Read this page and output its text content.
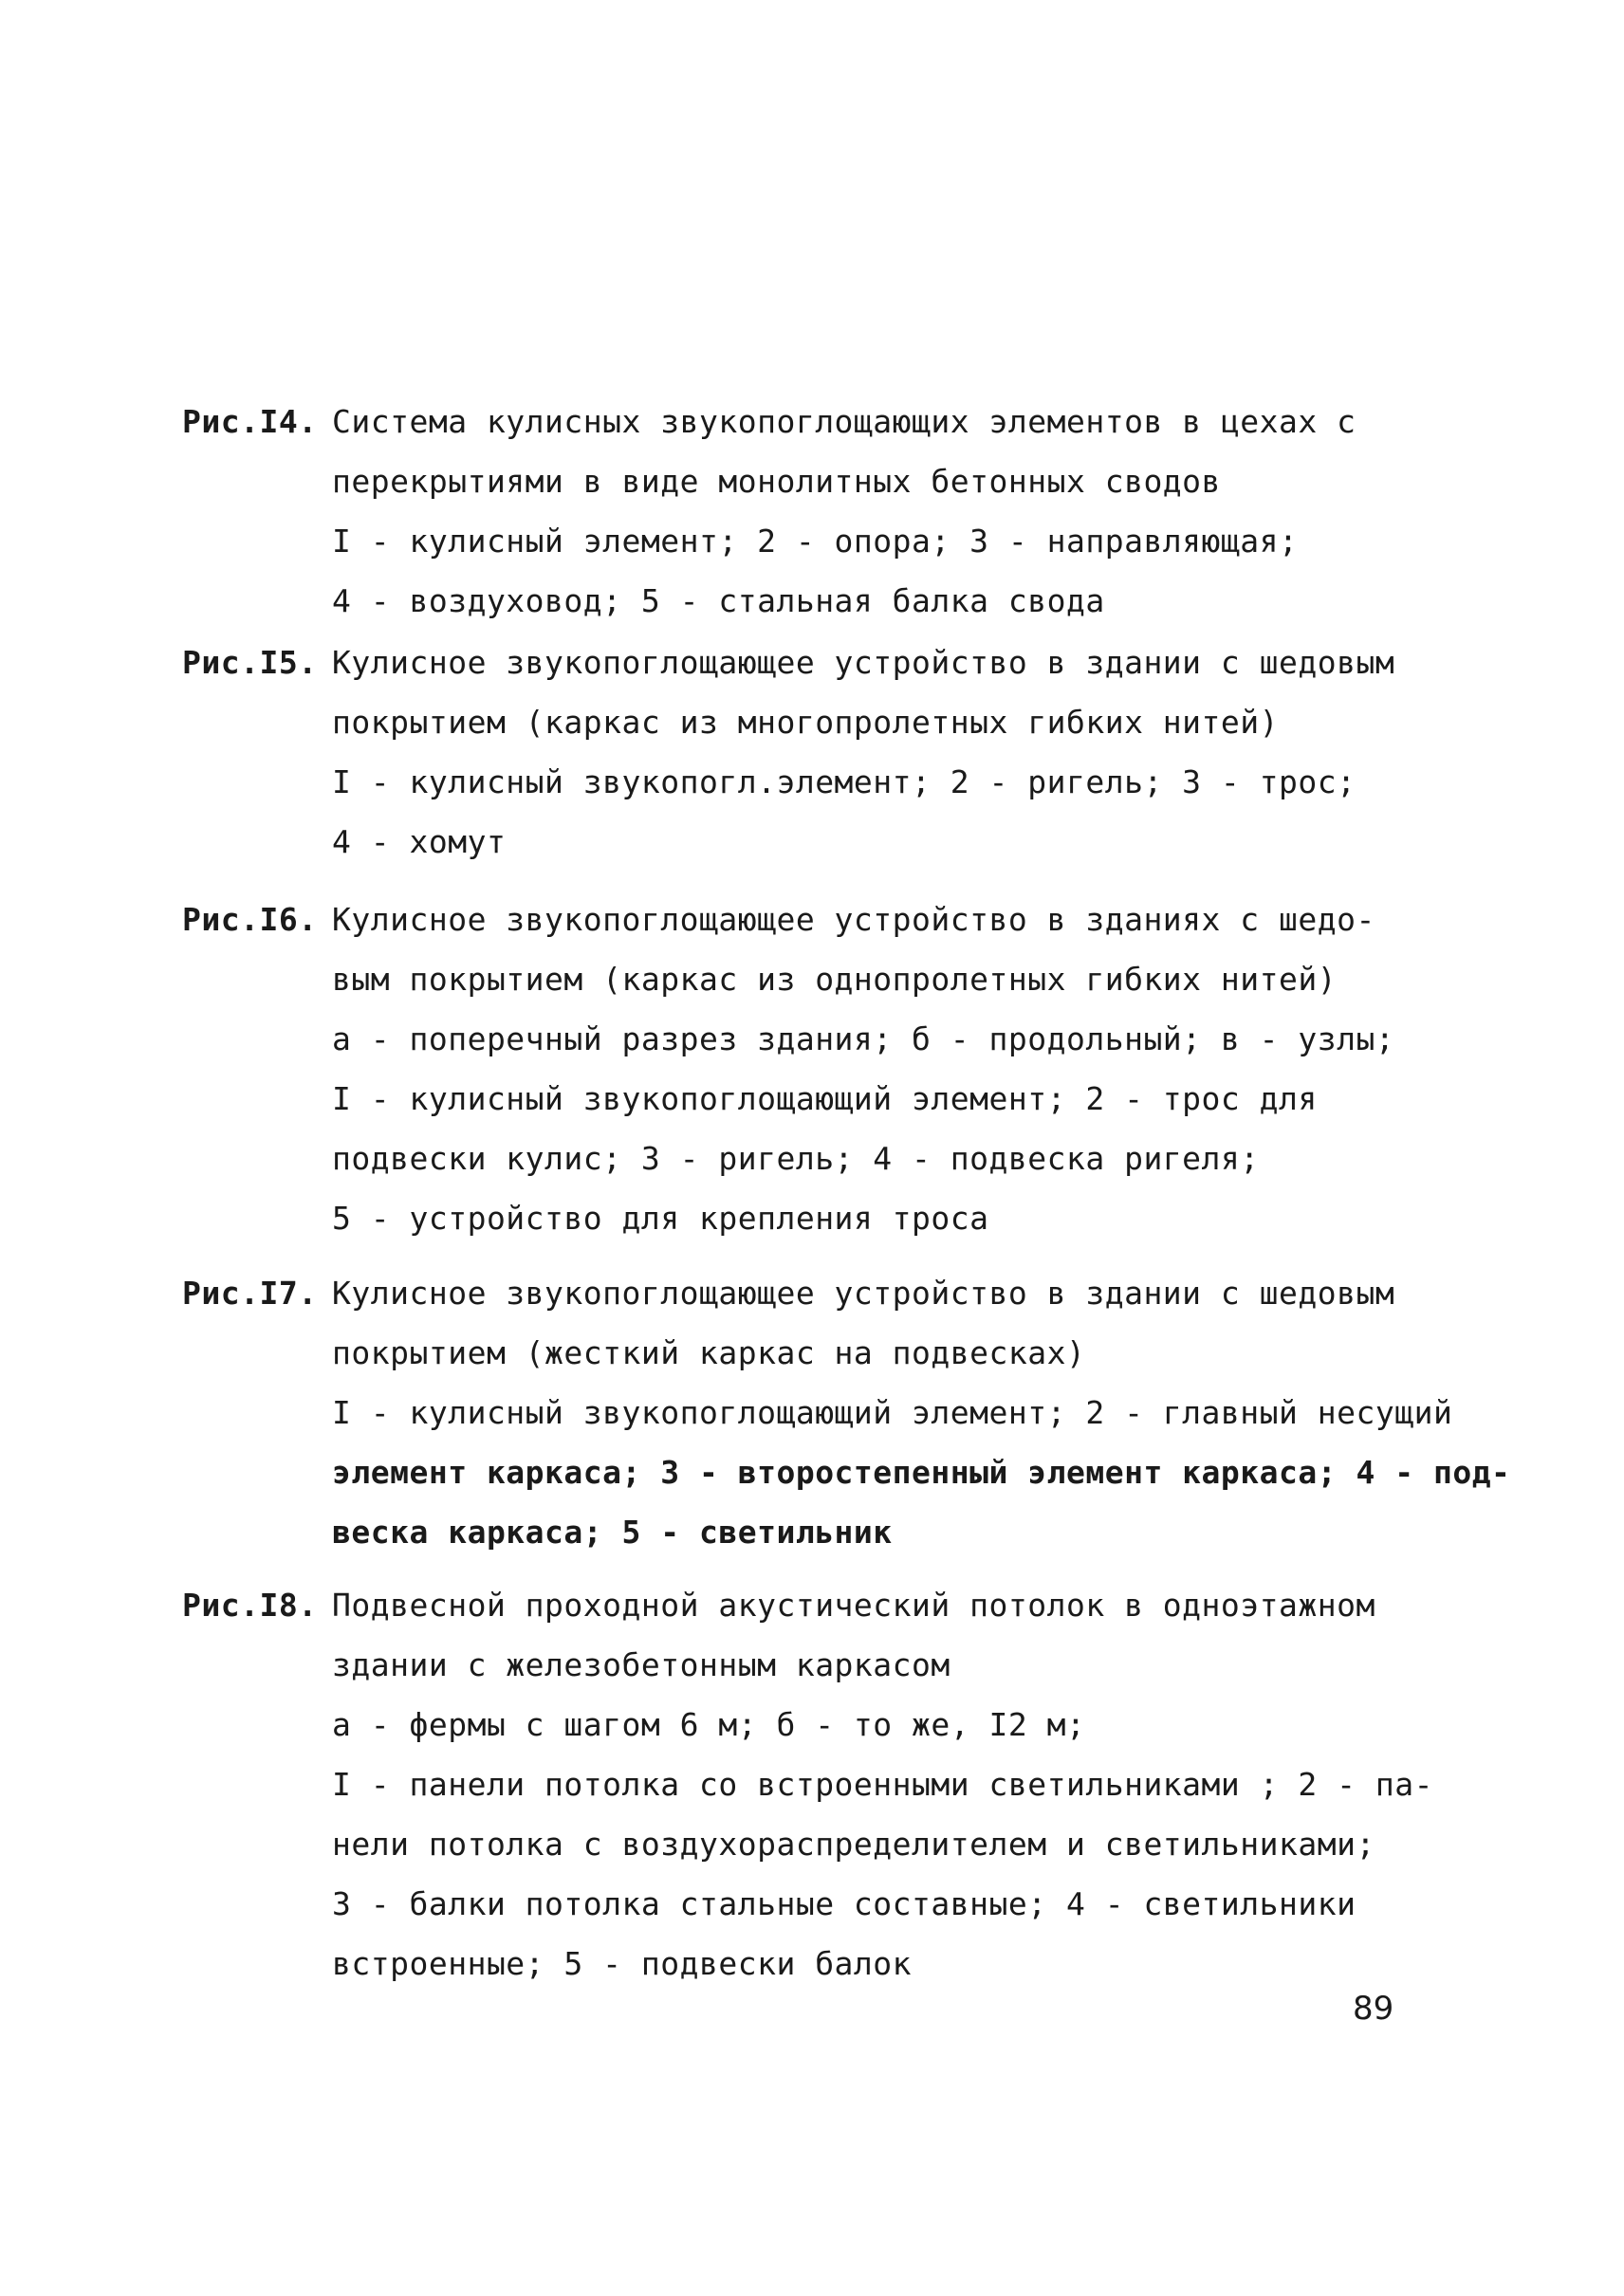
Рис.I4. Система кулисных звукопоглощающих элементов в цехах с
перекрытиями в виде монолитных бетонных сводов
I - кулисный элемент; 2 - опора; 3 - направляющая;
4 - воздуховод; 5 - стальная балка свода
Рис.I5. Кулисное звукопоглощающее устройство в здании с шедовым
покрытием (каркас из многопролетных гибких нитей)
I - кулисный звукопогл.элемент; 2 - ригель; 3 - трос;
4 - хомут
Рис.I6. Кулисное звукопоглощающее устройство в зданиях с шедо-
вым покрытием (каркас из однопролетных гибких нитей)
а - поперечный разрез здания; б - продольный; в - узлы;
I - кулисный звукопоглощающий элемент; 2 - трос для
подвески кулис; 3 - ригель; 4 - подвеска ригеля;
5 - устройство для крепления троса
Рис.I7. Кулисное звукопоглощающее устройство в здании с шедовым
покрытием (жесткий каркас на подвесках)
I - кулисный звукопоглощающий элемент; 2 - главный несущий
элемент каркаса; 3 - второстепенный элемент каркаса; 4 - под-
веска каркаса; 5 - светильник
Рис.I8. Подвесной проходной акустический потолок в одноэтажном
здании с железобетонным каркасом
а - фермы с шагом 6 м; б - то же, I2 м;
I - панели потолка со встроенными светильниками ; 2 - па-
нели потолка с воздухораспределителем и светильниками;
3 - балки потолка стальные составные; 4 - светильники
встроенные; 5 - подвески балок
89
